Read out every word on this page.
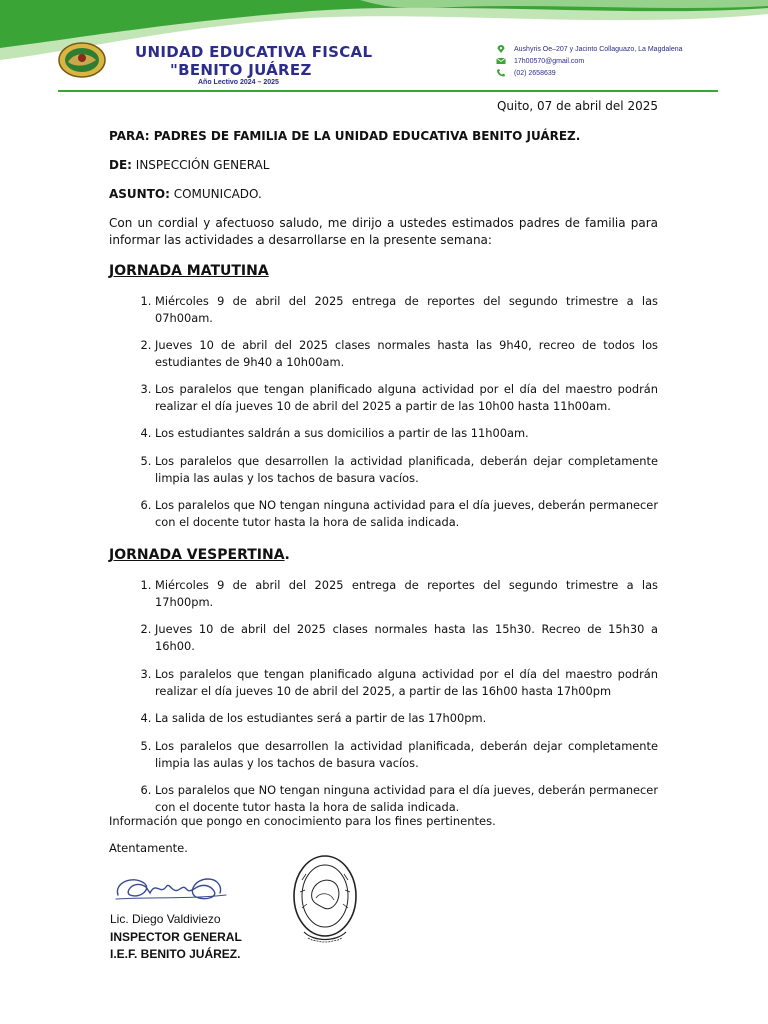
UNIDAD EDUCATIVA FISCAL
"BENITO JUÁREZ
Año Lectivo 2024 – 2025
Aushyris Oe–207 y Jacinto Collaguazo, La Magdalena
17h00570@gmail.com
(02) 2658639
Quito, 07 de abril del 2025
PARA: PADRES DE FAMILIA DE LA UNIDAD EDUCATIVA BENITO JUÁREZ.
DE: INSPECCIÓN GENERAL
ASUNTO: COMUNICADO.
Con un cordial y afectuoso saludo, me dirijo a ustedes estimados padres de familia para informar las actividades a desarrollarse en la presente semana:
JORNADA MATUTINA
1. Miércoles 9 de abril del 2025 entrega de reportes del segundo trimestre a las 07h00am.
2. Jueves 10 de abril del 2025 clases normales hasta las 9h40, recreo de todos los estudiantes de 9h40 a 10h00am.
3. Los paralelos que tengan planificado alguna actividad por el día del maestro podrán realizar el día jueves 10 de abril del 2025 a partir de las 10h00 hasta 11h00am.
4. Los estudiantes saldrán a sus domicilios a partir de las 11h00am.
5. Los paralelos que desarrollen la actividad planificada, deberán dejar completamente limpia las aulas y los tachos de basura vacíos.
6. Los paralelos que NO tengan ninguna actividad para el día jueves, deberán permanecer con el docente tutor hasta la hora de salida indicada.
JORNADA VESPERTINA.
1. Miércoles 9 de abril del 2025 entrega de reportes del segundo trimestre a las 17h00pm.
2. Jueves 10 de abril del 2025 clases normales hasta las 15h30. Recreo de 15h30 a 16h00.
3. Los paralelos que tengan planificado alguna actividad por el día del maestro podrán realizar el día jueves 10 de abril del 2025, a partir de las 16h00 hasta 17h00pm
4. La salida de los estudiantes será a partir de las 17h00pm.
5. Los paralelos que desarrollen la actividad planificada, deberán dejar completamente limpia las aulas y los tachos de basura vacíos.
6. Los paralelos que NO tengan ninguna actividad para el día jueves, deberán permanecer con el docente tutor hasta la hora de salida indicada.
Información que pongo en conocimiento para los fines pertinentes.
Atentamente.
Lic. Diego Valdiviezo
INSPECTOR GENERAL
I.E.F. BENITO JUÁREZ.
